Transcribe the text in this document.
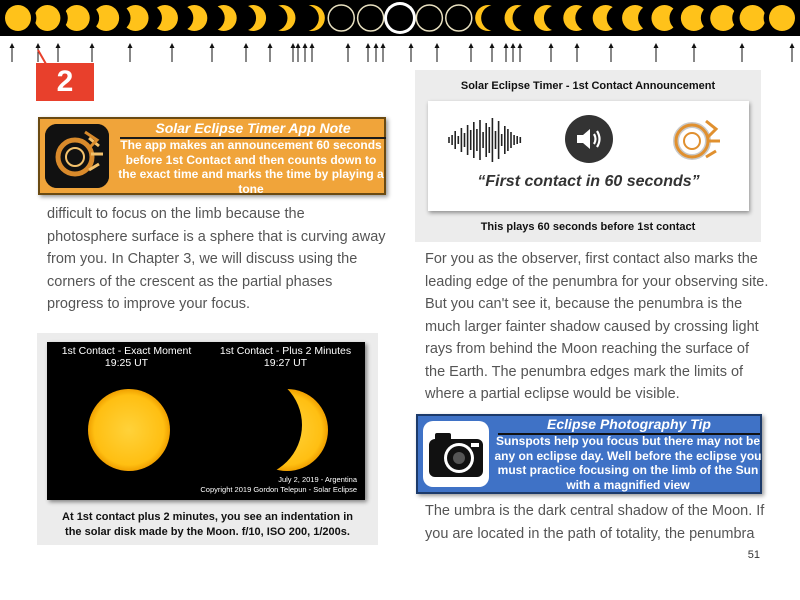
2
Solar Eclipse Timer App Note
The app makes an announcement 60 seconds before 1st Contact and then counts down to the exact time and marks the time by playing a tone
difficult to focus on the limb because the photosphere surface is a sphere that is curving away from you. In Chapter 3, we will discuss using the corners of the crescent as the partial phases progress to improve your focus.
1st Contact - Exact Moment
19:25 UT
1st Contact - Plus 2 Minutes
19:27 UT
July 2, 2019 - Argentina
Copyright 2019 Gordon Telepun - Solar Eclipse
At 1st contact plus 2 minutes, you see an indentation in
the solar disk made by the Moon. f/10, ISO 200, 1/200s.
Solar Eclipse Timer - 1st Contact Announcement
“First contact in 60 seconds”
This plays 60 seconds before 1st contact
For you as the observer, first contact also marks the leading edge of the penumbra for your observing site. But you can't see it, because the penumbra is the much larger fainter shadow caused by crossing light rays from behind the Moon reaching the surface of the Earth. The penumbra edges mark the limits of where a partial eclipse would be visible.
Eclipse Photography Tip
Sunspots help you focus but there may not be any on eclipse day. Well before the eclipse you must practice focusing on the limb of the Sun with a magnified view
The umbra is the dark central shadow of the Moon. If you are located in the path of totality, the penumbra
51
